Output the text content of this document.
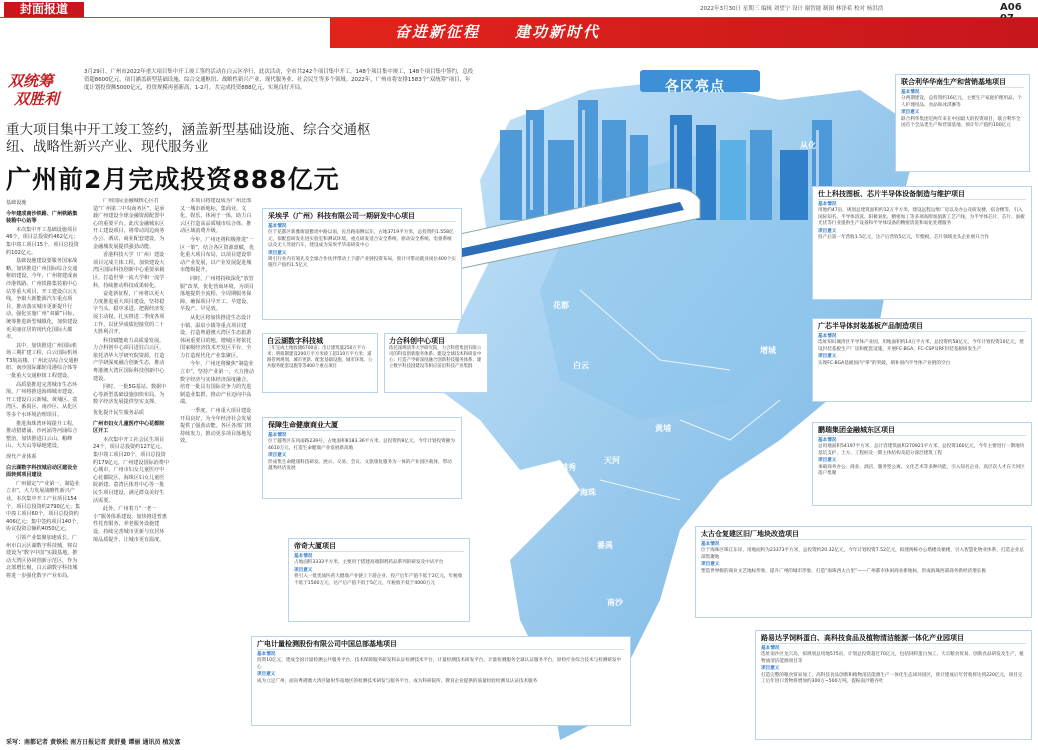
封面报道	2022年3月30日 星期三 编辑 刘望宁 设计 谢智能 制图 林泽希 校对 杨洪浩	A06
奋进新征程 建功新时代
双统筹
双胜利
3月29日，广州市2022年重大项目集中开工竣工签约活动在白云区举行，此次活动，全市共242个项目集中开工，148个项目集中竣工，148个项目集中签约，总投资超8600亿元，项目涵盖新型基础设施、综合交通枢纽、战略性新兴产业、现代服务业、社会民生等多个领域。2022年，广州市将安排1583个“双统筹”项目，年度计划投资额5000亿元，投资规模再创新高，1-2月，共完成投资888亿元，实现良好开局。
重大项目集中开工竣工签约，涵盖新型基础设施、综合交通枢纽、战略性新兴产业、现代服务业
广州前2月完成投资888亿元

基础设施

今年建成南沙铁路、广州铁路集装箱中心站等

本次集中开工基础设施项目46个，项目总投资约462亿元；集中竣工项目15个，项目总投资约102亿元。

基础设施建设要服务国家战略，加快推进广州国际综合交通枢纽建设。今年，广州将建成南沙港铁路、广州铁路集装箱中心站等重大项目，开工建设白云五线，争取大新能源汽车重点项目，推动落实城市更新提升行动，强化实施广州“双碳”目标，统筹推进新型城镇化，加快建设更美丽宜居的现代化国际大都市。

其中，加快推进广州国际机场三期扩建工程、白云国际机场T3航站楼、广州北站综合交通枢纽、南沙国际邮轮母港综合体等一批重大交通枢纽工程建设。

高质量推进完善城市生态环境。广州将推进海绵城市建设，开工建设白云新城、黄埔区、荔湾区、番禺区、南沙区、从化区等多个水环境治理项目。

推进海珠湾环境提升工程，推动猎德涌、沙河涌等河涌综合整治，加快推进白云山、帽峰山、大夫山等绿地建设。

现代产业体系

白云湖数字科技城启动区建设全面转到项目建设

广州锚定“产业第一、制造业立市”，大力发展战略性新兴产业。本次集中开工产业项目154个，项目总投资约2790亿元；集中竣工项目60个，项目总投资约406亿元；集中签约项目140个，协议投资总额约4050亿元。

引领产业集聚加速成长。广州市白云区湖数字科技城，将以建设为“数字中国”实践基地，推动大湾区协同创新示范区，作为北部增长极，白云湖数字科技城将进一步强化数字产业布局。

广州国际金融城核心区打造“广州第二中央商务区”，是承载广州建设全球金融资源配置中心的重要平台。此次金融城东区开工建设项目，将带动周边商务办公、酒店、商业配套建设，为金融城发展提供强劲动能。

香港科技大学（广州）建设项目完成主体工程，加快建设大湾区国际科技创新中心重要承载区，打造世界一流大学和一流学科，持续推动科技成果转化。

奋进新征程，广州将以更大力度推进重大项目建设，坚持稳字当头、稳中求进，把握经济发展主动权，扎实推进二季度各项工作，以优异成绩迎接党的二十大胜利召开。

科技赋能助力高质量发展。力合科创中心项目进驻白云区，依托清华大学研究院资源，打造产学研深度融合创新生态，推动粤港澳大湾区国际科技创新中心建设。

同时，一批5G基站、数据中心等新型基础设施加快布局，为数字经济发展提供坚实支撑。

优化提升民生服务品质

广州市妇女儿童医疗中心花都院区开工

本次集中开工社会民生项目24个，项目总投资约127亿元。集中竣工项目20个，项目总投资约179亿元，广州建设国际消费中心城市，广州市妇女儿童医疗中心花都院区、海珠区妇女儿童医院新建、荔湾区体育中心等一批民生项目建设，满足群众美好生活需要。

此外，广州着力“一老一小”服务体系建设，加快推进普惠性托育服务、养老服务设施建设，持续完善城市更新与宜居环境品质提升，让城市更有温度。

本项目将建设成为广州北部又一城市新地标，集商业、文化、娱乐、休闲于一体，助力白云区打造高品质城市综合体，推动区域消费升级。

今年，广州还将积极推进“一区一策”，结合各区资源禀赋，优化重大项目布局，以项目建设带动产业发展，以产业发展促进城市能级提升。

同时，广州将持续深化“放管服”改革，优化营商环境，为项目落地提供全流程、全周期服务保障，确保项目早开工、早建设、早投产、早见效。

从化区将加快推进生态设计小镇、温泉小镇等重点项目建设，打造粤港澳大湾区生态旅游休闲重要目的地。增城区将依托国家级经济技术开发区平台，全力打造现代化产业集聚区。

今年，广州还将聚焦“制造业立市”，坚持产业第一，大力推动数字经济与实体经济深度融合，培育一批具有国际竞争力的先进制造业集群，推动产业迈向中高端。

一季度，广州重大项目建设开局良好，为全年经济社会发展提供了强劲动能。各区各部门将持续发力，推动更多项目落地见效。

采写：南都记者 黄铁松 南方日报记者 黄舒曼 谭丽 通讯员 植发富
各区亮点
从化
花都
增城
白云
黄埔
天河
越秀
荔湾	海珠
番禺
南沙
采埃孚（广州）科技有限公司一期研发中心项目
基本情况
位于花都区新雅街道雅瑶中路以南，民昌路南侧以东，占地3719平方米，总投资约1.558亿元，拟配套研发先进实验室和测试环境，重点研发适合安全系统、驱动安全系统、电驱系统以及无人驾驶汽车，建设成为采埃孚华南研发中心
项目意义
吸引行业内有领先及全球合作伙伴带动上下游产业链投资布局，预计可带动就业岗位400个实施年产值约1.5亿元
白云湖数字科技城
三年完成土地收储6700亩；出让建筑量250万平方米；明拟制建设200万平方米竣工超110万平方米；道路管网规划、城市更新、配套基础设施、城市环境、公共服务配套设施等等400个重点项目
力合科创中心项目
依托深圳清华大学研究院，力合科创集团有限公司的科技创新服务体系；建设全球技术和研发中心；打造产学研深度融合创新科技服务体系；建立数字科技园建设等相应前沿科技产业集群
联合利华华南生产和营销基地项目
基本情况
分两期建设，总投资约16亿元，主要生产家庭护理用品、个人护理用品、食品和冰淇淋等
项目意义
联合利华集团近两年来在中国最大的投资项目，联合利华全国首个全品类生产和营销基地，预计年产值约100亿元
仕上科技图板、芯片半导体设备制造与维护项目
基本情况
用地约47亩，规划总建筑面积约12万平方米，建设远程运维厂房以及办公及研发楼，宿舍楼等，引入国际知名、半导体清洗、阳极氧化、精密加工等多项高附加值新工艺产线，为半导体芯片、芯片、面板光伏等行业提供生产设备和半导体设备的精密清洗和氧化处理服务
项目意义
投产后第一年营收1.5亿元，达产后营收5亿元，年缴税、芯片领域龙头企业展开合作
广芯半导体封装基板产品制造项目
基本情况
选址知识城湾区半导体产业园，用地面积约14万平方米，总投资约58亿元，今年计划投资10亿元，建设封装基板生产厂房和配套设施，开展FC-BGA、FC-CSP及RF封装基板研发生产
项目意义
实现FC-BGA基板国内“零”的突破，填补国内半导体产业链的空白
鹏瑞集团金融城东区项目
基本情况
总用地面积54197平方米，总计容建筑面积270921平方米，总投资160亿元，今年主要进行一期地块基坑支护、土方、工程桩及一期主体结构及超分深层建筑工程
项目意义
承载商务办公、商业、酒店、服务型公寓、文化艺术等多种功能，引入知名企业，高层次人才在天河区落户集聚
保障生命健康商业大厦
基本情况
位于越秀区东风南路239号，占地面积8183.36平方米，总投资约8亿元，今年计划投资额为4610万元，打造生命健康产业发展新高地
项目意义
形成集生命健康科技研发、展示、交易、会议、文旅康复服务为一体的产业园区载体，带动越秀经济发展
帝奇大厦项目
基本情况
占地面积3333平方米，主要用于搭建高端制剂药品系列的研发及中试平台
项目意义
将引入一批优质医药大健康产业链上下游企业，投产后年产值不低于2亿元，年税收不低于1500万元，达产后产值不低于5亿元，年税收不低于4000万元
太古仓复建区旧厂地块改造项目
基本情况
位于海珠区珠江东岸，用地面积为23373平方米，总投资约20.32亿元，今年计划投资7.52亿元，拟建两栋办公塔楼及裙楼，引入智慧化物业体系，打造企业总部集聚地
项目意义
塑造世界级的商业文艺地标形象，提升广州的城市形象，打造“海珠西太古里”——广州都市休闲商业新地标，形成海珠西部商务新经济增长极
广电计量检测股份有限公司中国总部基地项目
基本情况
投资10亿元，建成全国计量检测公共服务平台，技术保障服务研发和认证检测技术平台，计量检测技术研发平台，计量检测服务全球认证服务平台，原检疗业综合技术与检测研发中心
项目意义
成为立足广州，面向粤港澳大湾区辐射华南地区的检测技术研发与服务平台，成为科研院所、教育企业提供的质量检验检测及认证技术服务
路易达孚饲料蛋白、高科技食品及植物清洁能源一体化产业园项目
基本情况
选址南沙区龙穴岛，拟规划总用地575亩，计划总投资超过70亿元，包括饲料蛋白加工、大宗粮食贸易、创新食品研发及生产，植物油清洁能源项目等
项目意义
打造完整的粮食贸易加工，高科技食品创新和植物清洁能源生产一体化生态闭环园区，预计建成后年营收将达到220亿元，项目完工后年进口货物将增加约300万~500万吨，提振南沙港吞吐
